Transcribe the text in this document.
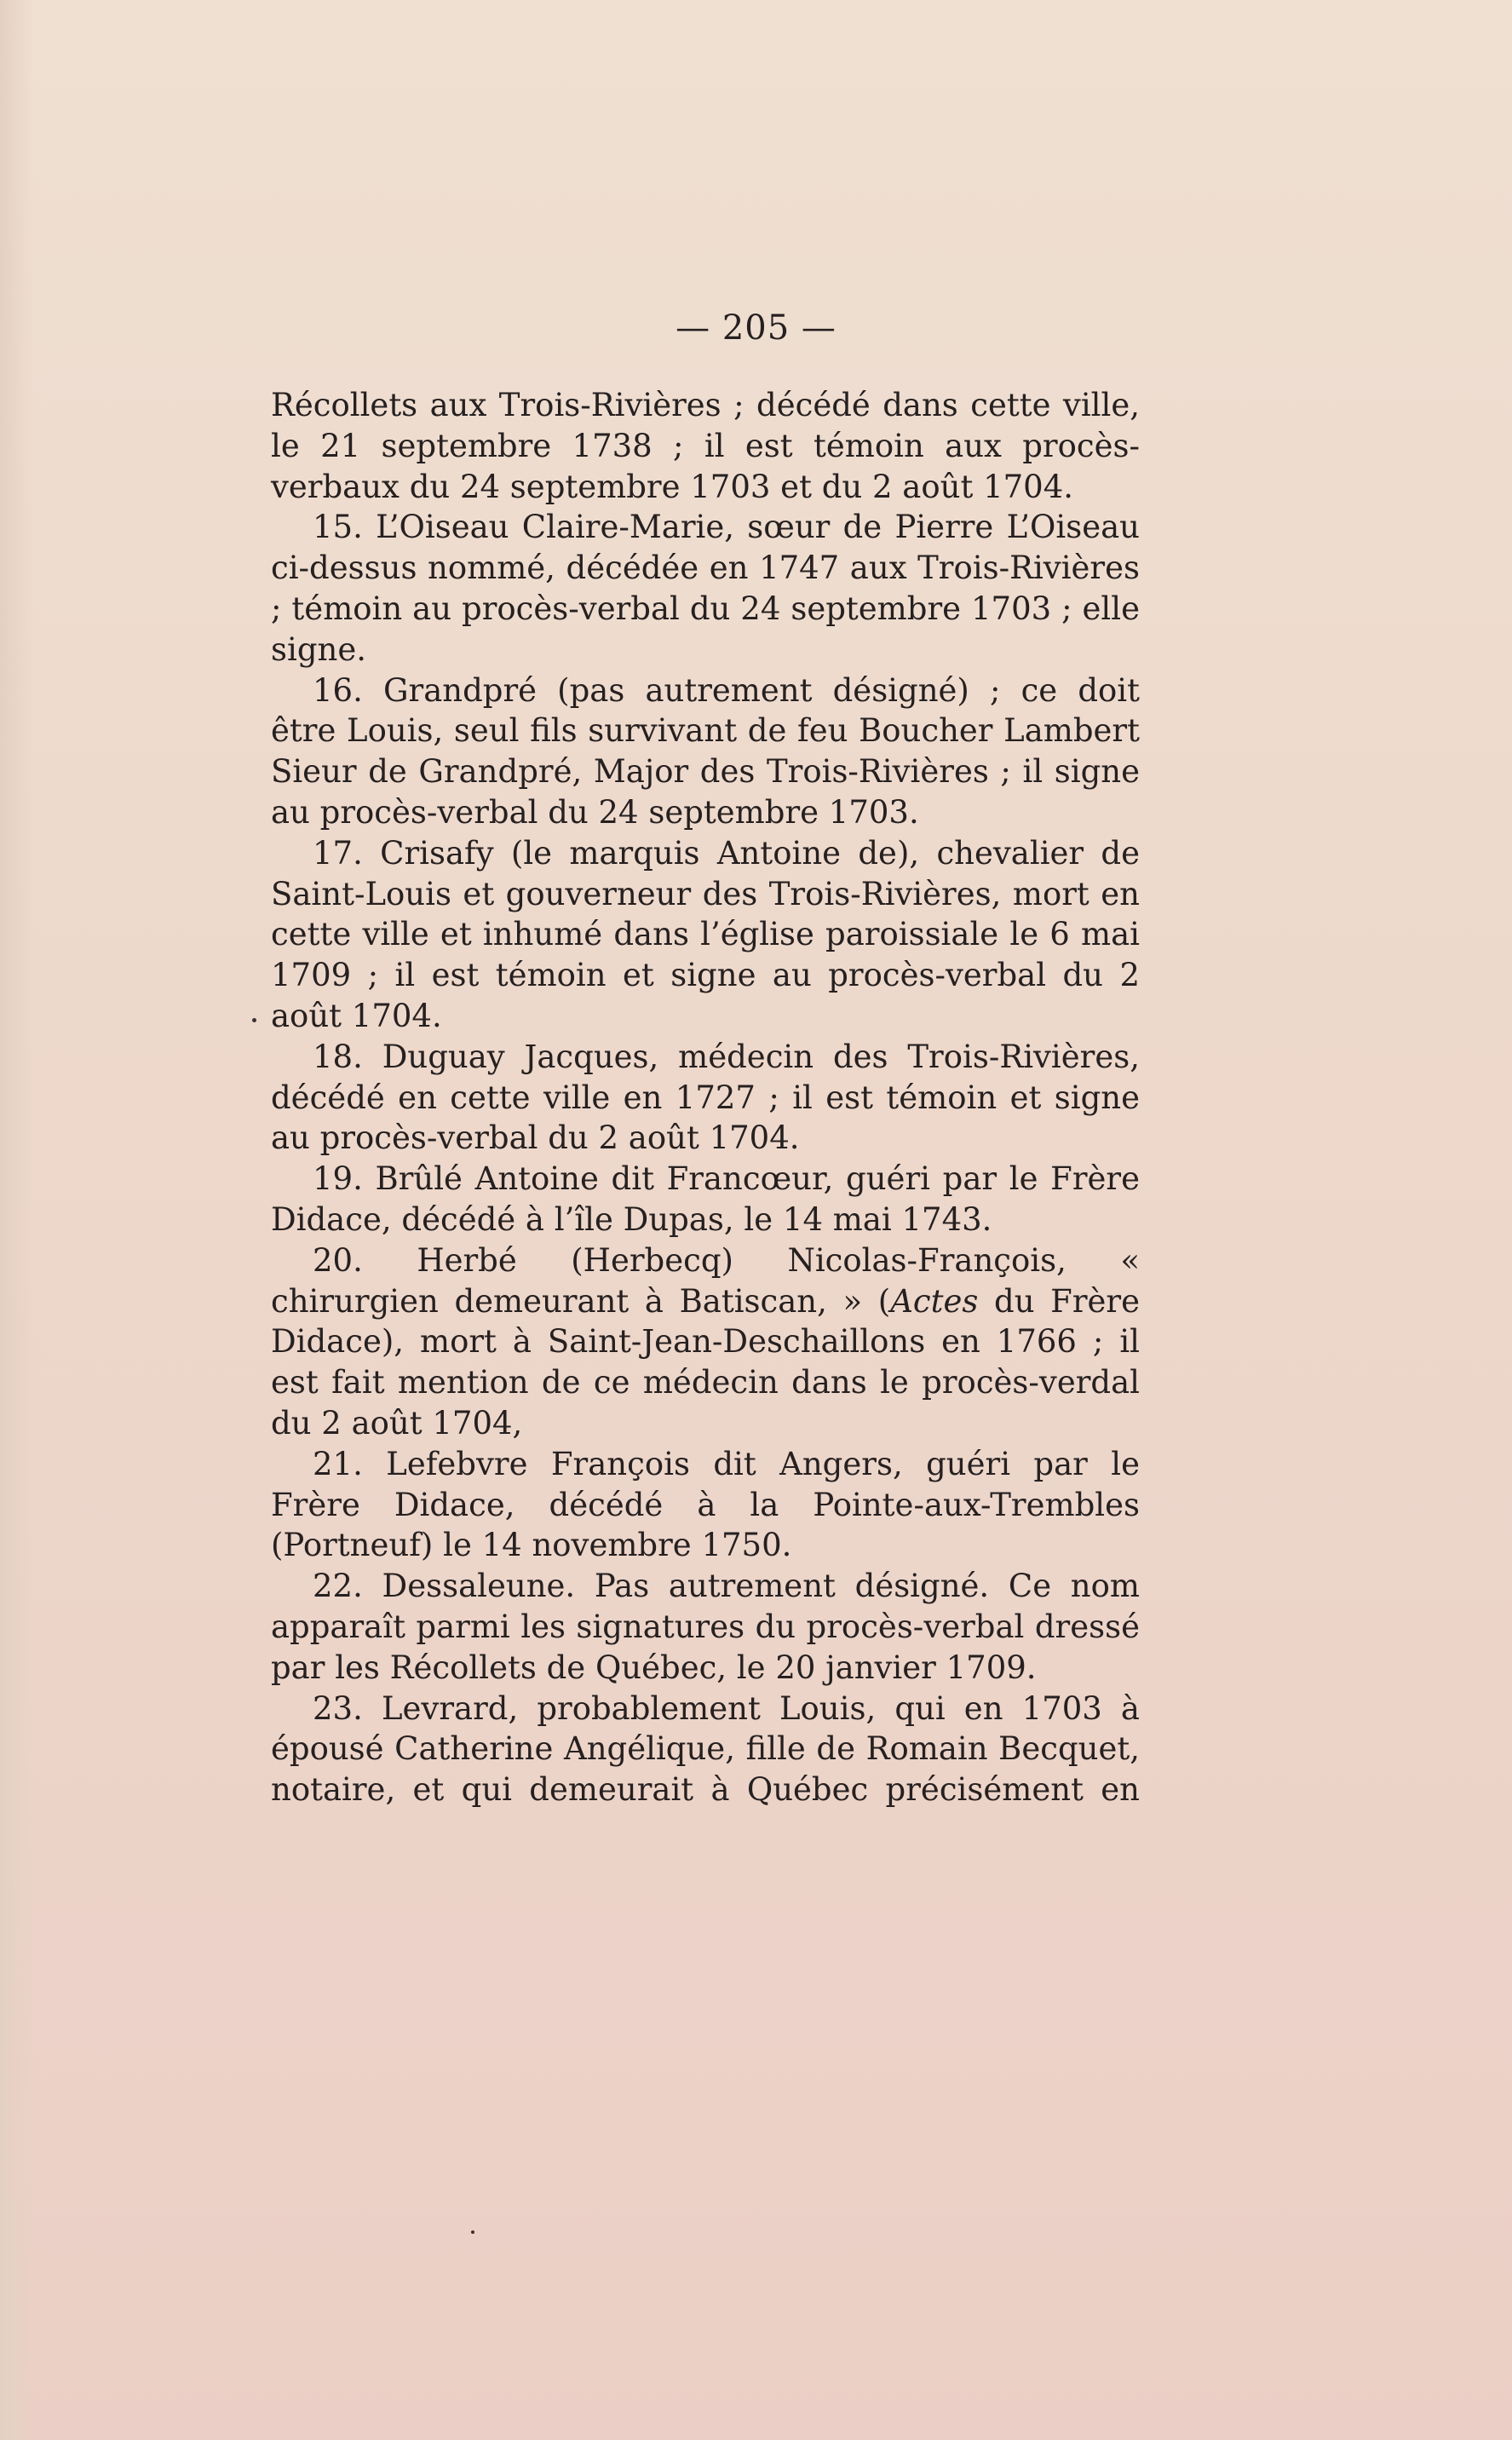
— 205 —

Récollets aux Trois-Rivières ; décédé dans cette ville, le 21 septembre 1738 ; il est témoin aux procès-verbaux du 24 septembre 1703 et du 2 août 1704.

15. L’Oiseau Claire-Marie, sœur de Pierre L’Oiseau ci-dessus nommé, décédée en 1747 aux Trois-Rivières ; témoin au procès-verbal du 24 septembre 1703 ; elle signe.

16. Grandpré (pas autrement désigné) ; ce doit être Louis, seul fils survivant de feu Boucher Lambert Sieur de Grandpré, Major des Trois-Rivières ; il signe au procès-verbal du 24 septembre 1703.

17. Crisafy (le marquis Antoine de), chevalier de Saint-Louis et gouverneur des Trois-Rivières, mort en cette ville et inhumé dans l’église paroissiale le 6 mai 1709 ; il est témoin et signe au procès-verbal du 2 août 1704.

18. Duguay Jacques, médecin des Trois-Rivières, décédé en cette ville en 1727 ; il est témoin et signe au procès-verbal du 2 août 1704.

19. Brûlé Antoine dit Francœur, guéri par le Frère Didace, décédé à l’île Dupas, le 14 mai 1743.

20. Herbé (Herbecq) Nicolas-François, « chirurgien demeurant à Batiscan, » (Actes du Frère Didace), mort à Saint-Jean-Deschaillons en 1766 ; il est fait mention de ce médecin dans le procès-verdal du 2 août 1704,

21. Lefebvre François dit Angers, guéri par le Frère Didace, décédé à la Pointe-aux-Trembles (Portneuf) le 14 novembre 1750.

22. Dessaleune. Pas autrement désigné. Ce nom apparaît parmi les signatures du procès-verbal dressé par les Récollets de Québec, le 20 janvier 1709.

23. Levrard, probablement Louis, qui en 1703 à épousé Catherine Angélique, fille de Romain Becquet, notaire, et qui demeurait à Québec précisément en
